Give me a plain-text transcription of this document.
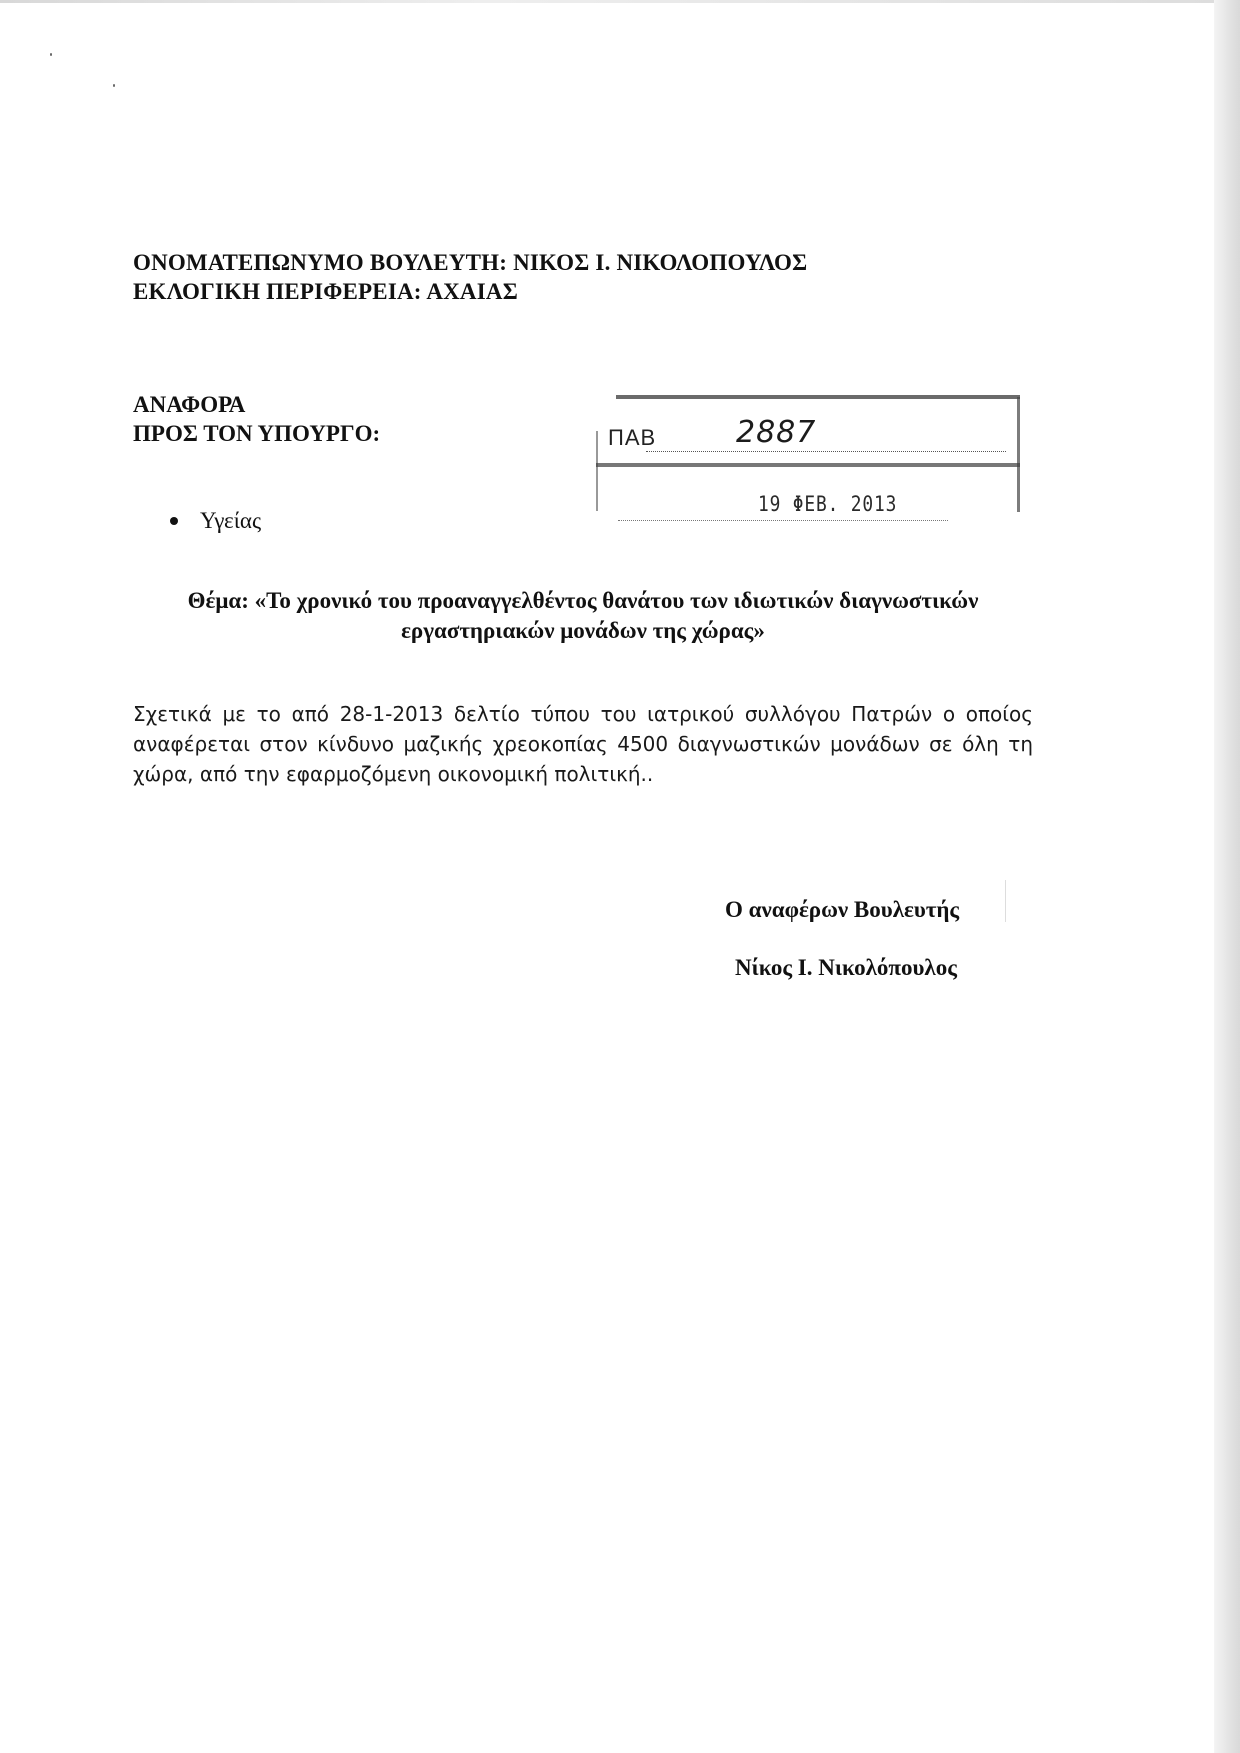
ΟΝΟΜΑΤΕΠΩΝΥΜΟ ΒΟΥΛΕΥΤΗ: ΝΙΚΟΣ Ι. ΝΙΚΟΛΟΠΟΥΛΟΣ
ΕΚΛΟΓΙΚΗ ΠΕΡΙΦΕΡΕΙΑ: ΑΧΑΙΑΣ
ΑΝΑΦΟΡΑ
ΠΡΟΣ ΤΟΝ ΥΠΟΥΡΓΟ:
Υγείας
ΠΑΒ	2887
19 ΦΕΒ. 2013
Θέμα: «Το χρονικό του προαναγγελθέντος θανάτου των ιδιωτικών διαγνωστικών
εργαστηριακών μονάδων της χώρας»
Σχετικά με το από 28-1-2013 δελτίο τύπου του ιατρικού συλλόγου Πατρών ο οποίος
αναφέρεται στον κίνδυνο μαζικής χρεοκοπίας 4500 διαγνωστικών μονάδων σε όλη τη
χώρα, από την εφαρμοζόμενη οικονομική πολιτική..
Ο αναφέρων Βουλευτής
Νίκος Ι. Νικολόπουλος
